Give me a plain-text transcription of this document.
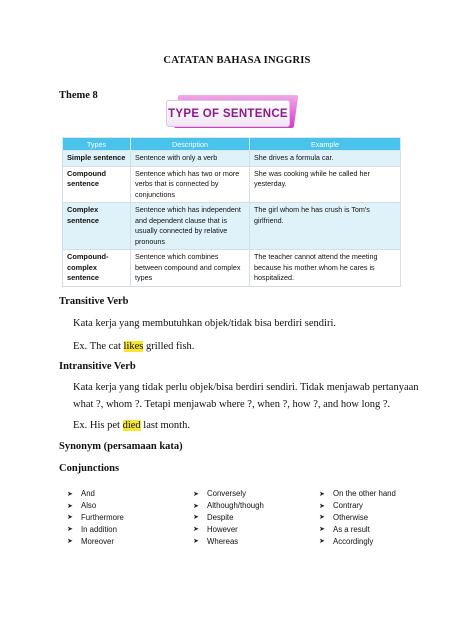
CATATAN BAHASA INGGRIS
Theme 8
TYPE OF SENTENCE
Types	Description	Example
Simple sentence	Sentence with only a verb	She drives a formula car.
Compound sentence	Sentence which has two or more verbs that is connected by conjunctions	She was cooking while he called her yesterday.
Complex sentence	Sentence which has independent and dependent clause that is usually connected by relative pronouns	The girl whom he has crush is Tom's girlfriend.
Compound-complex sentence	Sentence which combines between compound and complex types	The teacher cannot attend the meeting because his mother whom he cares is hospitalized.
Transitive Verb
Kata kerja yang membutuhkan objek/tidak bisa berdiri sendiri.
Ex. The cat likes grilled fish.
Intransitive Verb
Kata kerja yang tidak perlu objek/bisa berdiri sendiri. Tidak menjawab pertanyaan what ?, whom ?. Tetapi menjawab where ?, when ?, how ?, and how long ?.
Ex. His pet died last month.
Synonym (persamaan kata)
Conjunctions
➤	And
➤	Also
➤	Furthermore
➤	In addition
➤	Moreover
➤	Conversely
➤	Although/though
➤	Despite
➤	However
➤	Whereas
➤	On the other hand
➤	Contrary
➤	Otherwise
➤	As a result
➤	Accordingly
